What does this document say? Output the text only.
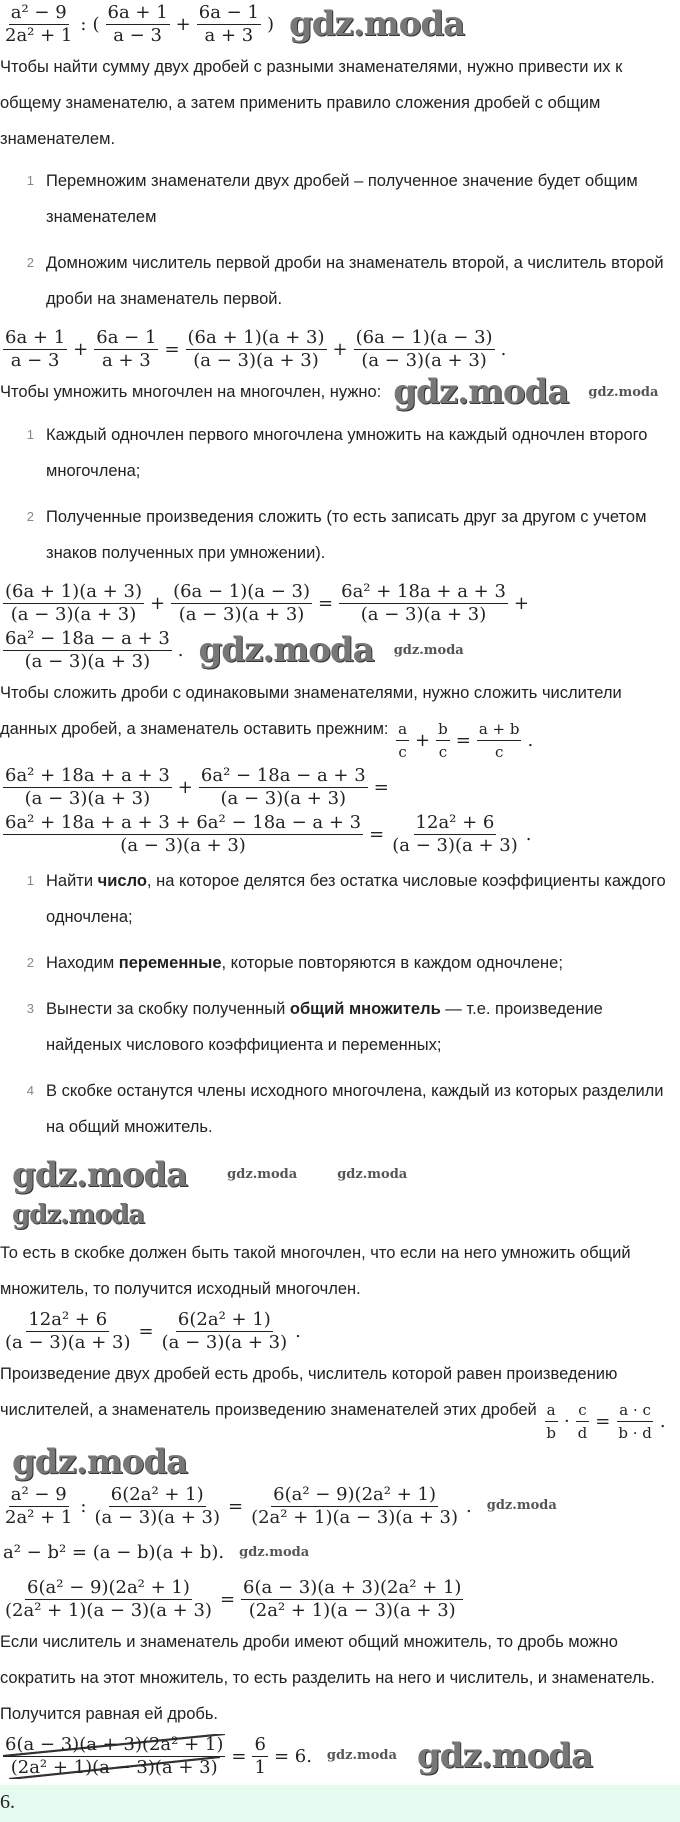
$\frac{\text{a² − 9}}{\text{2a² + 1}}$ : ( $\frac{6a + 1}{a - 3} + \frac{6a - 1}{a + 3}$ ) gdz.moda

Чтобы найти сумму двух дробей с разными знаменателями, нужно привести их к общему знаменателю, а затем применить правило сложения дробей с общим знаменателем.

1 Перемножим знаменатели двух дробей – полученное значение будет общим знаменателем
2 Домножим числитель первой дроби на знаменатель второй, а числитель второй дроби на знаменатель первой.
$\frac{6a + 1}{a - 3} + \frac{6a - 1}{a + 3} = \frac{(6a + 1)(a + 3)}{(a - 3)(a + 3)} + \frac{(6a - 1)(a - 3)}{(a - 3)(a + 3)}$ .

Чтобы умножить многочлен на многочлен, нужно: gdz.moda gdz.moda

1 Каждый одночлен первого многочлена умножить на каждый одночлен второго многочлена;
2 Полученные произведения сложить (то есть записать друг за другом с учетом знаков полученных при умножении).
$\frac{(6a + 1)(a + 3)}{(a - 3)(a + 3)} + \frac{(6a - 1)(a - 3)}{(a - 3)(a + 3)} = \frac{\text{6a² + 18a + a + 3}}{(a - 3)(a + 3)}$ +
$\frac{\text{6a² − 18a − a + 3}}{(a - 3)(a + 3)}$ . gdz.moda gdz.moda

Чтобы сложить дроби с одинаковыми знаменателями, нужно сложить числители данных дробей, а знаменатель оставить прежним: $\frac{a}{c} + \frac{b}{c} = \frac{a + b}{c}$ .

$\frac{\text{6a² + 18a + a + 3}}{(a - 3)(a + 3)} + \frac{\text{6a² − 18a − a + 3}}{(a - 3)(a + 3)}$ =
$\frac{\text{6a² + 18a + a + 3 + 6a² − 18a − a + 3}}{(a - 3)(a + 3)} = \frac{\text{12a² + 6}}{(a - 3)(a + 3)}$ .
1 Найти число, на которое делятся без остатка числовые коэффициенты каждого одночлена;
2 Находим переменные, которые повторяются в каждом одночлене;
3 Вынести за скобку полученный общий множитель — т.е. произведение найденых числового коэффициента и переменных;
4 В скобке останутся члены исходного многочлена, каждый из которых разделили на общий множитель.
gdz.moda	gdz.moda	gdz.moda
gdz.moda

То есть в скобке должен быть такой многочлен, что если на него умножить общий множитель, то получится исходный многочлен.

$\frac{\text{12a² + 6}}{(a - 3)(a + 3)} = \frac{\text{6(2a² + 1)}}{(a - 3)(a + 3)}$ .

Произведение двух дробей есть дробь, числитель которой равен произведению числителей, а знаменатель произведению знаменателей этих дробей $\frac{a}{b} \cdot \frac{c}{d} = \frac{a \cdot c}{b \cdot d}$ .
gdz.moda

$\frac{\text{a² − 9}}{\text{2a² + 1}}$ : $\frac{\text{6(2a² + 1)}}{(a - 3)(a + 3)} = \frac{\text{6(a² − 9)(2a² + 1)}}{\text{(2a² + 1)(a − 3)(a + 3)}}$ . gdz.moda
a² − b² = (a − b)(a + b). gdz.moda
$\frac{\text{6(a² − 9)(2a² + 1)}}{\text{(2a² + 1)(a − 3)(a + 3)}} = \frac{\text{6(a − 3)(a + 3)(2a² + 1)}}{\text{(2a² + 1)(a − 3)(a + 3)}}$

Если числитель и знаменатель дроби имеют общий множитель, то дробь можно сократить на этот множитель, то есть разделить на него и числитель, и знаменатель. Получится равная ей дробь.

$\frac{\text{6(a − 3)(a + 3)(2a² + 1)}}{\text{(2a² + 1)(a − 3)(a + 3)}} = \frac{6}{1} = 6$. gdz.moda gdz.moda
6.
